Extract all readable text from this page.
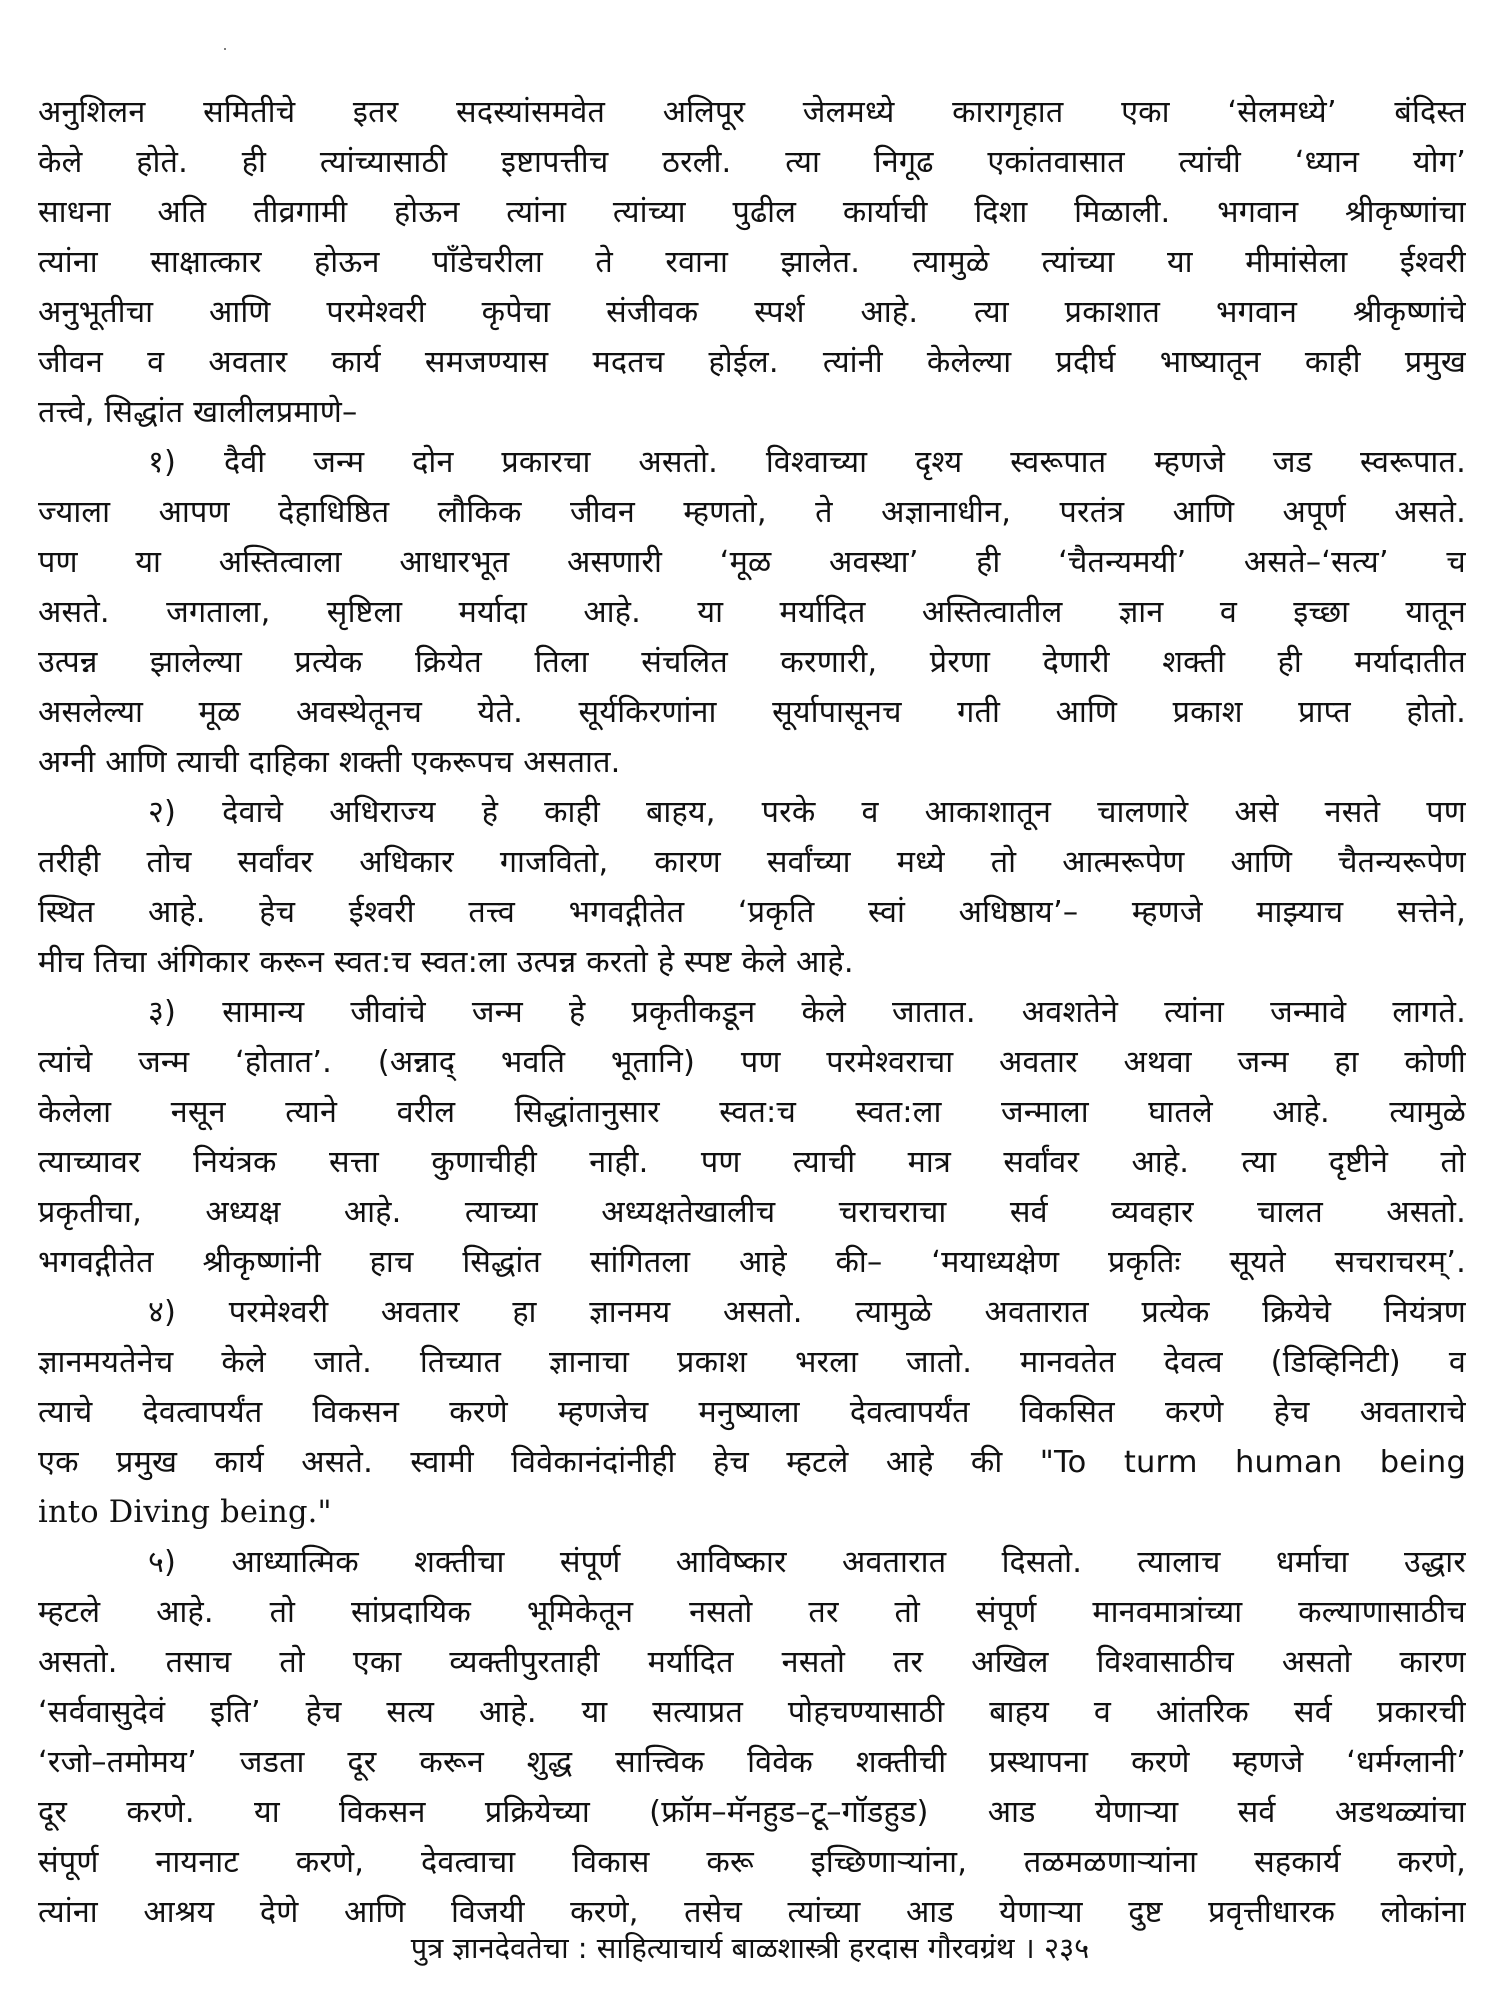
अनुशिलन समितीचे इतर सदस्यांसमवेत अलिपूर जेलमध्ये कारागृहात एका ‘सेलमध्ये’ बंदिस्त
केले होते. ही त्यांच्यासाठी इष्टापत्तीच ठरली. त्या निगूढ एकांतवासात त्यांची ‘ध्यान योग’
साधना अति तीव्रगामी होऊन त्यांना त्यांच्या पुढील कार्याची दिशा मिळाली. भगवान श्रीकृष्णांचा
त्यांना साक्षात्कार होऊन पाँडेचरीला ते रवाना झालेत. त्यामुळे त्यांच्या या मीमांसेला ईश्वरी
अनुभूतीचा आणि परमेश्वरी कृपेचा संजीवक स्पर्श आहे. त्या प्रकाशात भगवान श्रीकृष्णांचे
जीवन व अवतार कार्य समजण्यास मदतच होईल. त्यांनी केलेल्या प्रदीर्घ भाष्यातून काही प्रमुख
तत्त्वे, सिद्धांत खालीलप्रमाणे–
१) दैवी जन्म दोन प्रकारचा असतो. विश्वाच्या दृश्य स्वरूपात म्हणजे जड स्वरूपात.
ज्याला आपण देहाधिष्ठित लौकिक जीवन म्हणतो, ते अज्ञानाधीन, परतंत्र आणि अपूर्ण असते.
पण या अस्तित्वाला आधारभूत असणारी ‘मूळ अवस्था’ ही ‘चैतन्यमयी’ असते–‘सत्य’ च
असते. जगताला, सृष्टिला मर्यादा आहे. या मर्यादित अस्तित्वातील ज्ञान व इच्छा यातून
उत्पन्न झालेल्या प्रत्येक क्रियेत तिला संचलित करणारी, प्रेरणा देणारी शक्ती ही मर्यादातीत
असलेल्या मूळ अवस्थेतूनच येते. सूर्यकिरणांना सूर्यापासूनच गती आणि प्रकाश प्राप्त होतो.
अग्नी आणि त्याची दाहिका शक्ती एकरूपच असतात.
२) देवाचे अधिराज्य हे काही बाहय, परके व आकाशातून चालणारे असे नसते पण
तरीही तोच सर्वांवर अधिकार गाजवितो, कारण सर्वांच्या मध्ये तो आत्मरूपेण आणि चैतन्यरूपेण
स्थित आहे. हेच ईश्वरी तत्त्व भगवद्गीतेत ‘प्रकृति स्वां अधिष्ठाय’– म्हणजे माझ्याच सत्तेने,
मीच तिचा अंगिकार करून स्वत:च स्वत:ला उत्पन्न करतो हे स्पष्ट केले आहे.
३) सामान्य जीवांचे जन्म हे प्रकृतीकडून केले जातात. अवशतेने त्यांना जन्मावे लागते.
त्यांचे जन्म ‘होतात’. (अन्नाद् भवति भूतानि) पण परमेश्वराचा अवतार अथवा जन्म हा कोणी
केलेला नसून त्याने वरील सिद्धांतानुसार स्वत:च स्वत:ला जन्माला घातले आहे. त्यामुळे
त्याच्यावर नियंत्रक सत्ता कुणाचीही नाही. पण त्याची मात्र सर्वांवर आहे. त्या दृष्टीने तो
प्रकृतीचा, अध्यक्ष आहे. त्याच्या अध्यक्षतेखालीच चराचराचा सर्व व्यवहार चालत असतो.
भगवद्गीतेत श्रीकृष्णांनी हाच सिद्धांत सांगितला आहे की– ‘मयाध्यक्षेण प्रकृतिः सूयते सचराचरम्’.
४) परमेश्वरी अवतार हा ज्ञानमय असतो. त्यामुळे अवतारात प्रत्येक क्रियेचे नियंत्रण
ज्ञानमयतेनेच केले जाते. तिच्यात ज्ञानाचा प्रकाश भरला जातो. मानवतेत देवत्व (डिव्हिनिटी) व
त्याचे देवत्वापर्यंत विकसन करणे म्हणजेच मनुष्याला देवत्वापर्यंत विकसित करणे हेच अवताराचे
एक प्रमुख कार्य असते. स्वामी विवेकानंदांनीही हेच म्हटले आहे की "To turm human being
into Diving being."
५) आध्यात्मिक शक्तीचा संपूर्ण आविष्कार अवतारात दिसतो. त्यालाच धर्माचा उद्धार
म्हटले आहे. तो सांप्रदायिक भूमिकेतून नसतो तर तो संपूर्ण मानवमात्रांच्या कल्याणासाठीच
असतो. तसाच तो एका व्यक्तीपुरताही मर्यादित नसतो तर अखिल विश्वासाठीच असतो कारण
‘सर्ववासुदेवं इति’ हेच सत्य आहे. या सत्याप्रत पोहचण्यासाठी बाहय व आंतरिक सर्व प्रकारची
‘रजो–तमोमय’ जडता दूर करून शुद्ध सात्त्विक विवेक शक्तीची प्रस्थापना करणे म्हणजे ‘धर्मग्लानी’
दूर करणे. या विकसन प्रक्रियेच्या (फ्रॉम–मॅनहुड–टू–गॉडहुड) आड येणाऱ्या सर्व अडथळ्यांचा
संपूर्ण नायनाट करणे, देवत्वाचा विकास करू इच्छिणाऱ्यांना, तळमळणाऱ्यांना सहकार्य करणे,
त्यांना आश्रय देणे आणि विजयी करणे, तसेच त्यांच्या आड येणाऱ्या दुष्ट प्रवृत्तीधारक लोकांना
पुत्र ज्ञानदेवतेचा : साहित्याचार्य बाळशास्त्री हरदास गौरवग्रंथ । २३५
